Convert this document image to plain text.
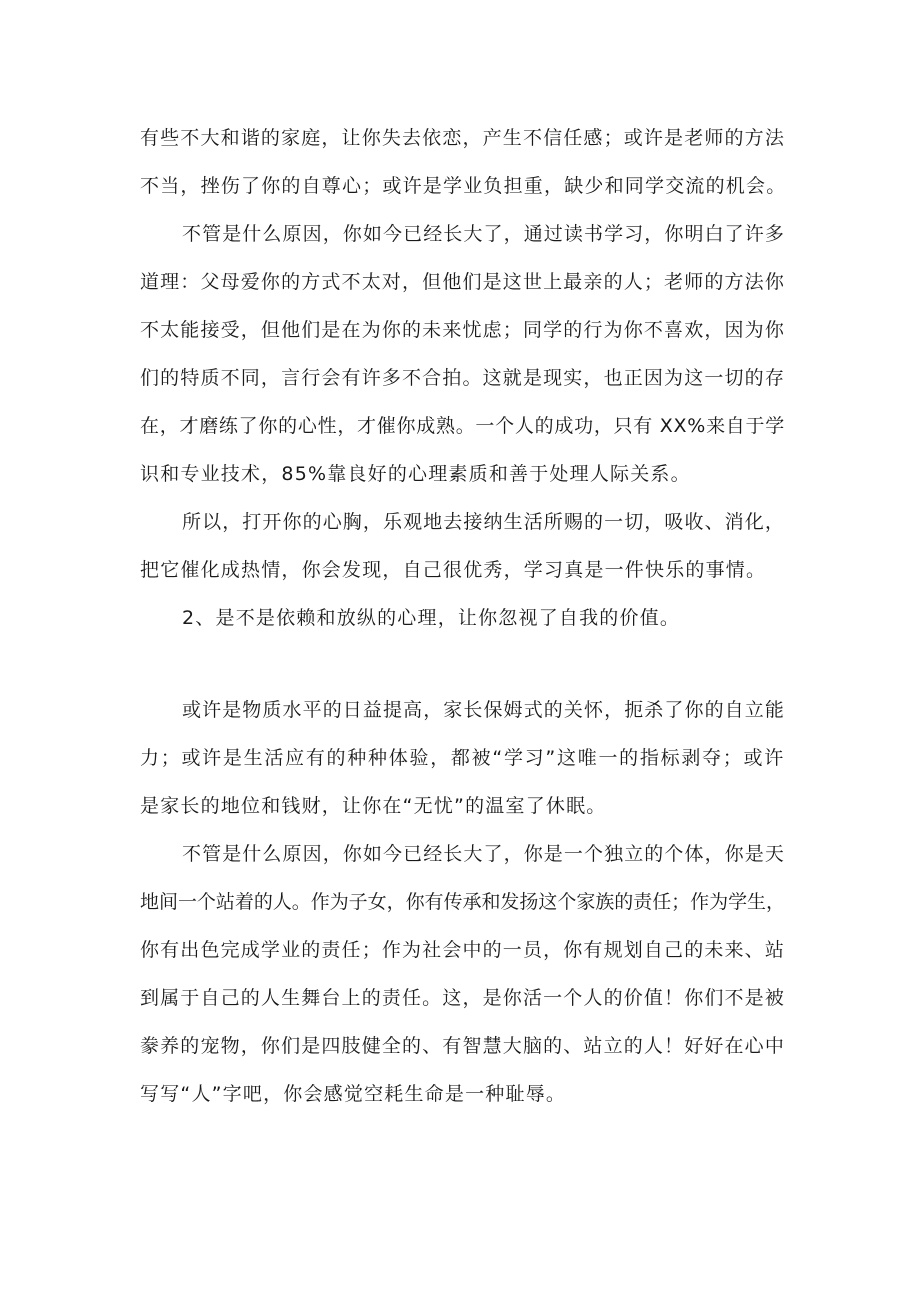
有些不大和谐的家庭，让你失去依恋，产生不信任感；或许是老师的方法
不当，挫伤了你的自尊心；或许是学业负担重，缺少和同学交流的机会。
不管是什么原因，你如今已经长大了，通过读书学习，你明白了许多
道理：父母爱你的方式不太对，但他们是这世上最亲的人；老师的方法你
不太能接受，但他们是在为你的未来忧虑；同学的行为你不喜欢，因为你
们的特质不同，言行会有许多不合拍。这就是现实，也正因为这一切的存
在，才磨练了你的心性，才催你成熟。一个人的成功，只有 XX%来自于学
识和专业技术，85%靠良好的心理素质和善于处理人际关系。
所以，打开你的心胸，乐观地去接纳生活所赐的一切，吸收、消化，
把它催化成热情，你会发现，自己很优秀，学习真是一件快乐的事情。
2、是不是依赖和放纵的心理，让你忽视了自我的价值。
或许是物质水平的日益提高，家长保姆式的关怀，扼杀了你的自立能
力；或许是生活应有的种种体验，都被“学习”这唯一的指标剥夺；或许
是家长的地位和钱财，让你在“无忧”的温室了休眠。
不管是什么原因，你如今已经长大了，你是一个独立的个体，你是天
地间一个站着的人。作为子女，你有传承和发扬这个家族的责任；作为学生，
你有出色完成学业的责任；作为社会中的一员，你有规划自己的未来、站
到属于自己的人生舞台上的责任。这，是你活一个人的价值！你们不是被
豢养的宠物，你们是四肢健全的、有智慧大脑的、站立的人！好好在心中
写写“人”字吧，你会感觉空耗生命是一种耻辱。
